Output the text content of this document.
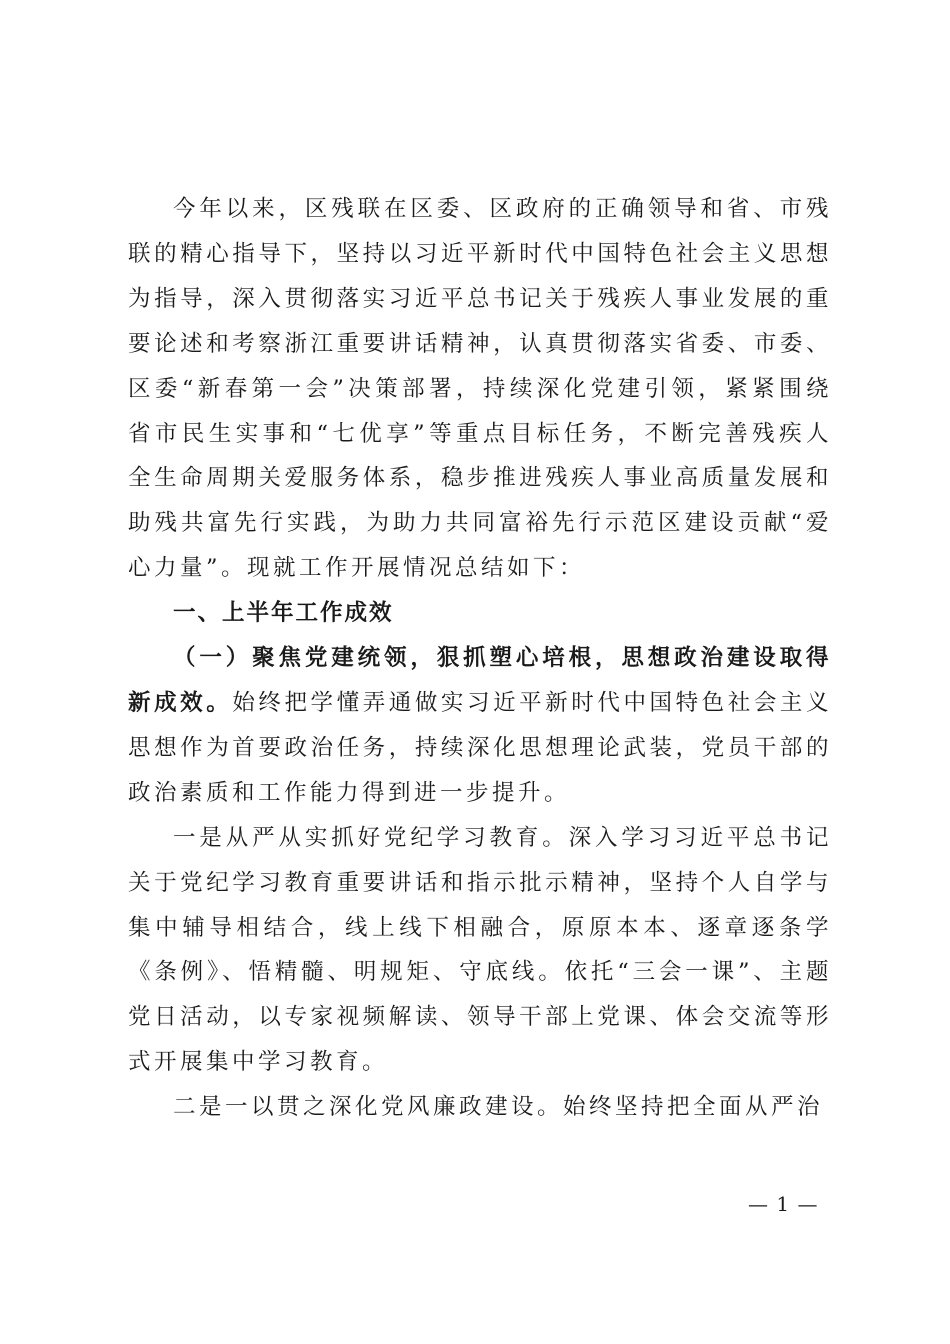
今年以来，区残联在区委、区政府的正确领导和省、市残联的精心指导下，坚持以习近平新时代中国特色社会主义思想为指导，深入贯彻落实习近平总书记关于残疾人事业发展的重要论述和考察浙江重要讲话精神，认真贯彻落实省委、市委、区委“新春第一会”决策部署，持续深化党建引领，紧紧围绕省市民生实事和“七优享”等重点目标任务，不断完善残疾人全生命周期关爱服务体系，稳步推进残疾人事业高质量发展和助残共富先行实践，为助力共同富裕先行示范区建设贡献“爱心力量”。现就工作开展情况总结如下：

一、上半年工作成效

（一）聚焦党建统领，狠抓塑心培根，思想政治建设取得新成效。始终把学懂弄通做实习近平新时代中国特色社会主义思想作为首要政治任务，持续深化思想理论武装，党员干部的政治素质和工作能力得到进一步提升。

一是从严从实抓好党纪学习教育。深入学习习近平总书记关于党纪学习教育重要讲话和指示批示精神，坚持个人自学与集中辅导相结合，线上线下相融合，原原本本、逐章逐条学《条例》、悟精髓、明规矩、守底线。依托“三会一课”、主题党日活动，以专家视频解读、领导干部上党课、体会交流等形式开展集中学习教育。

二是一以贯之深化党风廉政建设。始终坚持把全面从严治

— 1 —
